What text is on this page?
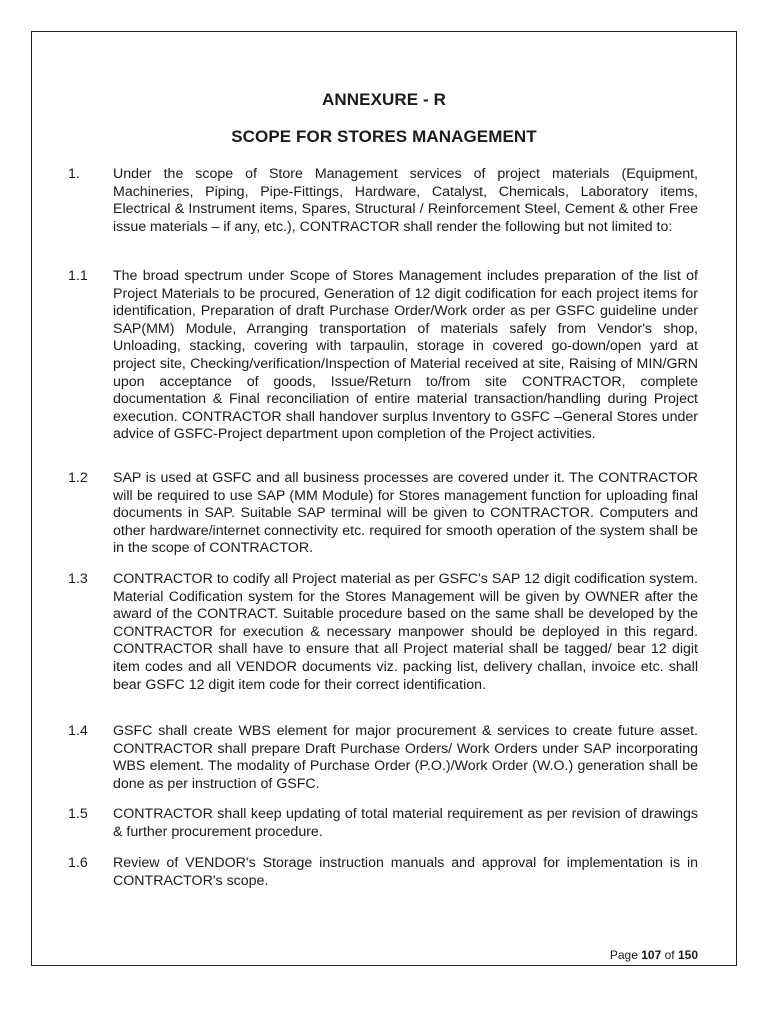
ANNEXURE - R
SCOPE FOR STORES MANAGEMENT
1. Under the scope of Store Management services of project materials (Equipment, Machineries, Piping, Pipe-Fittings, Hardware, Catalyst, Chemicals, Laboratory items, Electrical & Instrument items, Spares, Structural / Reinforcement Steel, Cement & other Free issue materials – if any, etc.), CONTRACTOR shall render the following but not limited to:
1.1 The broad spectrum under Scope of Stores Management includes preparation of the list of Project Materials to be procured, Generation of 12 digit codification for each project items for identification, Preparation of draft Purchase Order/Work order as per GSFC guideline under SAP(MM) Module, Arranging transportation of materials safely from Vendor's shop, Unloading, stacking, covering with tarpaulin, storage in covered go-down/open yard at project site, Checking/verification/Inspection of Material received at site, Raising of MIN/GRN upon acceptance of goods, Issue/Return to/from site CONTRACTOR, complete documentation & Final reconciliation of entire material transaction/handling during Project execution. CONTRACTOR shall handover surplus Inventory to GSFC –General Stores under advice of GSFC-Project department upon completion of the Project activities.
1.2 SAP is used at GSFC and all business processes are covered under it. The CONTRACTOR will be required to use SAP (MM Module) for Stores management function for uploading final documents in SAP. Suitable SAP terminal will be given to CONTRACTOR. Computers and other hardware/internet connectivity etc. required for smooth operation of the system shall be in the scope of CONTRACTOR.
1.3 CONTRACTOR to codify all Project material as per GSFC's SAP 12 digit codification system. Material Codification system for the Stores Management will be given by OWNER after the award of the CONTRACT. Suitable procedure based on the same shall be developed by the CONTRACTOR for execution & necessary manpower should be deployed in this regard. CONTRACTOR shall have to ensure that all Project material shall be tagged/ bear 12 digit item codes and all VENDOR documents viz. packing list, delivery challan, invoice etc. shall bear GSFC 12 digit item code for their correct identification.
1.4 GSFC shall create WBS element for major procurement & services to create future asset. CONTRACTOR shall prepare Draft Purchase Orders/ Work Orders under SAP incorporating WBS element. The modality of Purchase Order (P.O.)/Work Order (W.O.) generation shall be done as per instruction of GSFC.
1.5 CONTRACTOR shall keep updating of total material requirement as per revision of drawings & further procurement procedure.
1.6 Review of VENDOR's Storage instruction manuals and approval for implementation is in CONTRACTOR's scope.
Page 107 of 150
